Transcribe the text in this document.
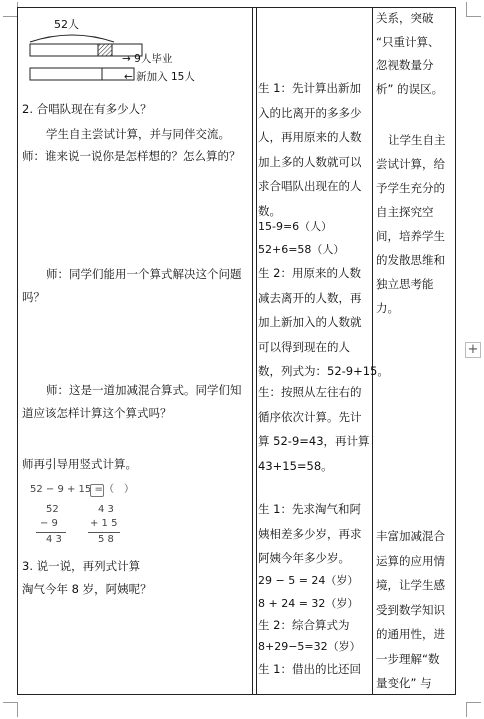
52人
→ 9人毕业
← 新加入 15人
2. 合唱队现在有多少人？
学生自主尝试计算，并与同伴交流。
师：谁来说一说你是怎样想的？怎么算的？
师：同学们能用一个算式解决这个问题
吗？
师：这是一道加减混合算式。同学们知
道应该怎样计算这个算式吗？
师再引导用竖式计算。
52 − 9 + 15 = （　）
5̇2
− 9
4 3
4 3
+ 1 5
5 8
3. 说一说，再列式计算
淘气今年 8 岁，阿姨呢？
生 1：先计算出新加
入的比离开的多多少
人，再用原来的人数
加上多的人数就可以
求合唱队出现在的人
数。
15-9=6（人）
52+6=58（人）
生 2：用原来的人数
减去离开的人数，再
加上新加入的人数就
可以得到现在的人
数，列式为：52-9+15。
生：按照从左往右的
循序依次计算。先计
算 52-9=43，再计算
43+15=58。
生 1：先求淘气和阿
姨相差多少岁，再求
阿姨今年多少岁。
29 − 5 = 24（岁）
8 + 24 = 32（岁）
生 2：综合算式为
8+29−5=32（岁）
生 1：借出的比还回
关系，突破
“只重计算、
忽视数量分
析” 的误区。
让学生自主
尝试计算，给
予学生充分的
自主探究空
间，培养学生
的发散思维和
独立思考能
力。
丰富加减混合
运算的应用情
境，让学生感
受到数学知识
的通用性，进
一步理解“数
量变化” 与
+
